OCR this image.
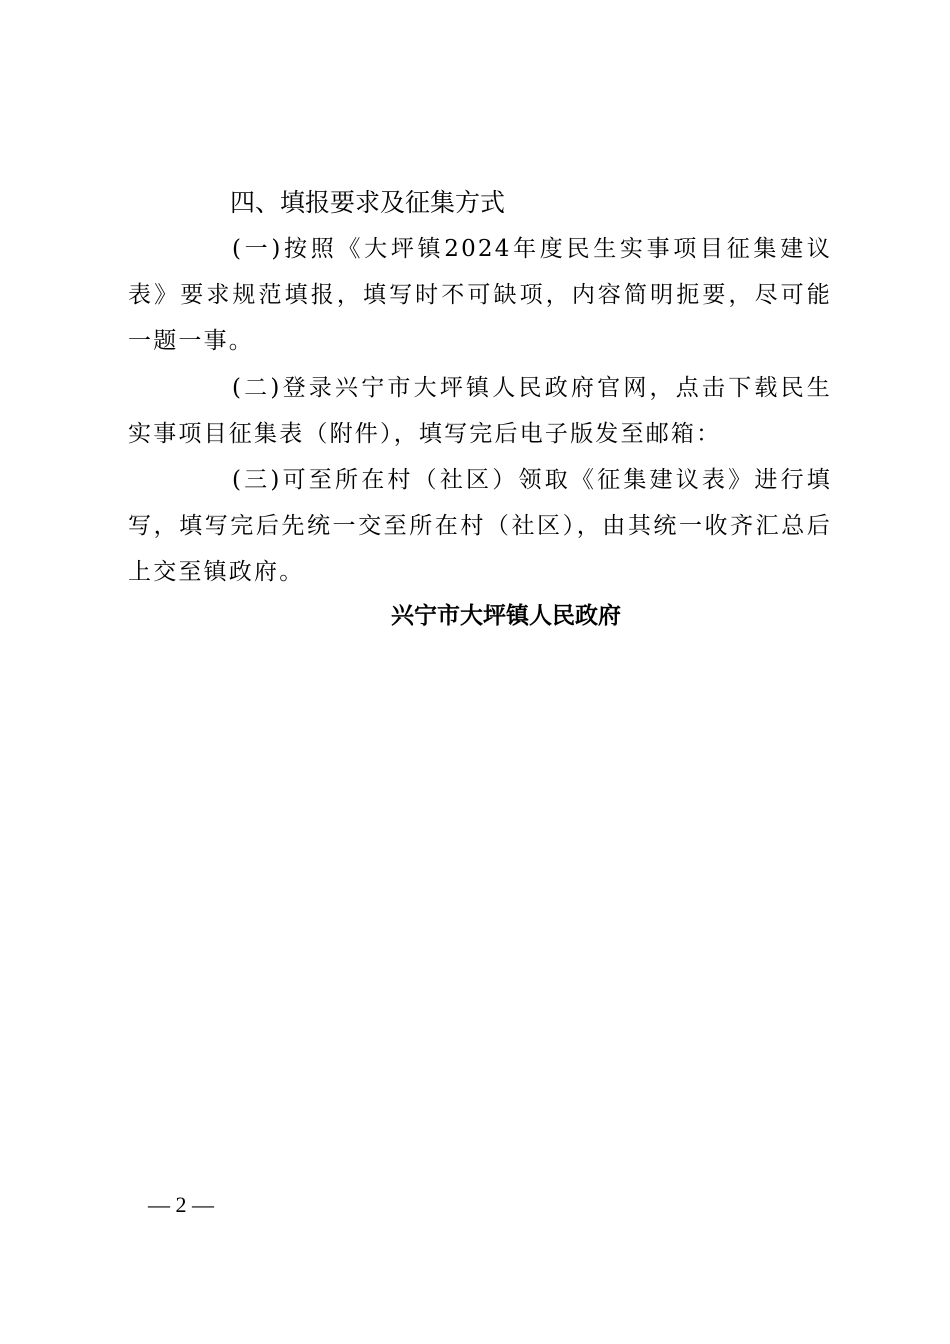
四、填报要求及征集方式

(一)按照《大坪镇2024年度民生实事项目征集建议表》要求规范填报，填写时不可缺项，内容简明扼要，尽可能一题一事。

(二)登录兴宁市大坪镇人民政府官网，点击下载民生实事项目征集表（附件），填写完后电子版发至邮箱：

(三)可至所在村（社区）领取《征集建议表》进行填写，填写完后先统一交至所在村（社区），由其统一收齐汇总后上交至镇政府。

兴宁市大坪镇人民政府
— 2 —
